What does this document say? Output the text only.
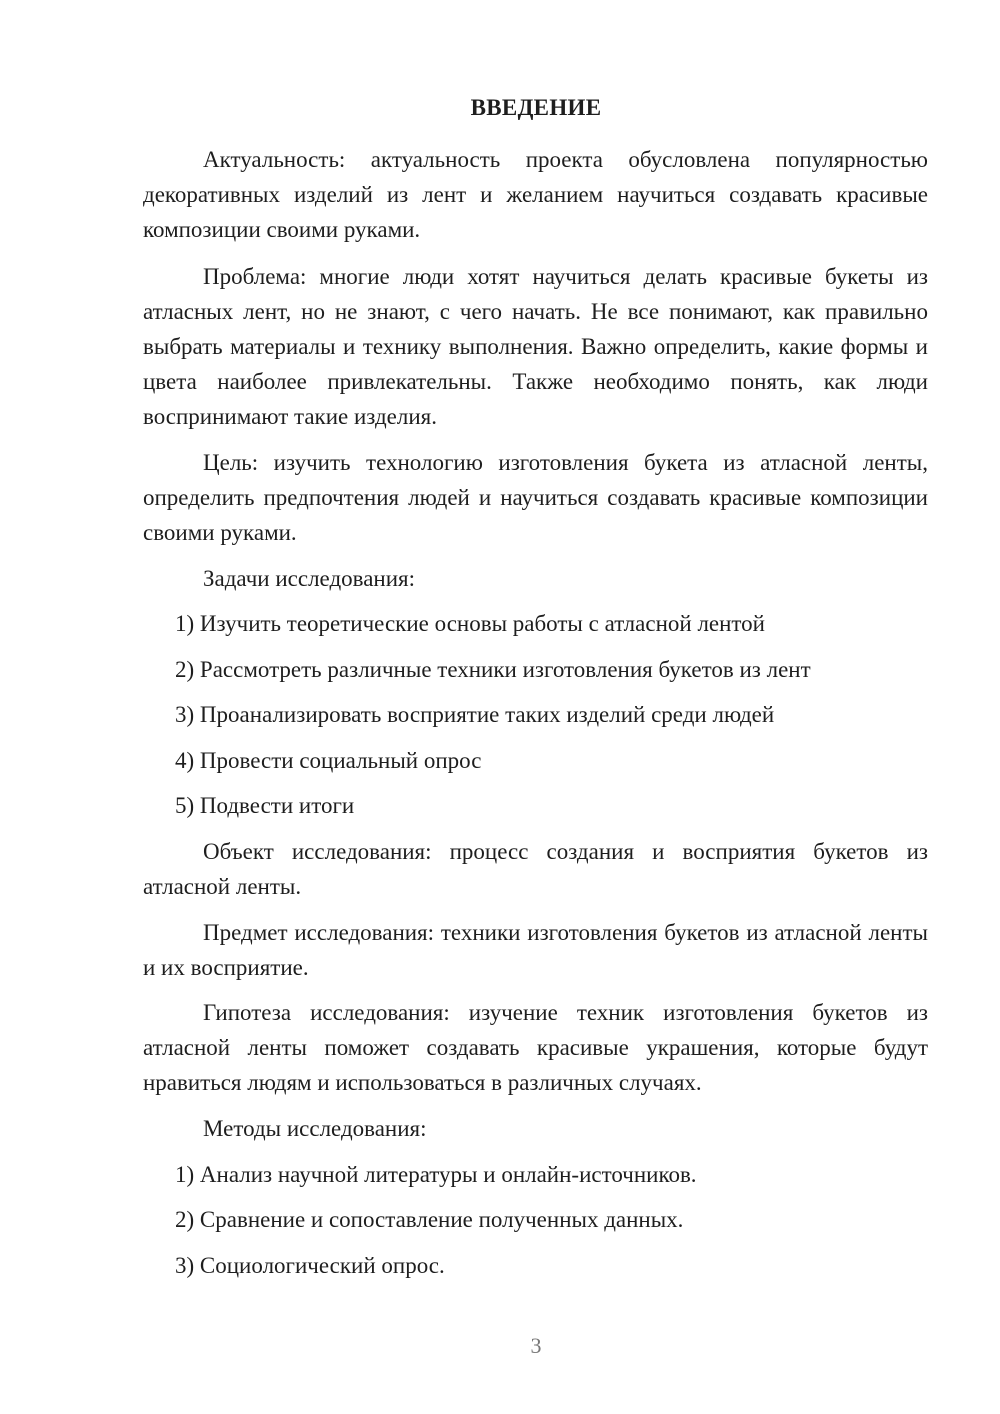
ВВЕДЕНИЕ

Актуальность: актуальность проекта обусловлена популярностью декоративных изделий из лент и желанием научиться создавать красивые композиции своими руками.

Проблема: многие люди хотят научиться делать красивые букеты из атласных лент, но не знают, с чего начать. Не все понимают, как правильно выбрать материалы и технику выполнения. Важно определить, какие формы и цвета наиболее привлекательны. Также необходимо понять, как люди воспринимают такие изделия.

Цель: изучить технологию изготовления букета из атласной ленты, определить предпочтения людей и научиться создавать красивые композиции своими руками.

Задачи исследования:

1) Изучить теоретические основы работы с атласной лентой

2) Рассмотреть различные техники изготовления букетов из лент

3) Проанализировать восприятие таких изделий среди людей

4) Провести социальный опрос

5) Подвести итоги

Объект исследования: процесс создания и восприятия букетов из атласной ленты.

Предмет исследования: техники изготовления букетов из атласной ленты и их восприятие.

Гипотеза исследования: изучение техник изготовления букетов из атласной ленты поможет создавать красивые украшения, которые будут нравиться людям и использоваться в различных случаях.

Методы исследования:

1) Анализ научной литературы и онлайн-источников.

2) Сравнение и сопоставление полученных данных.

3) Социологический опрос.

3
